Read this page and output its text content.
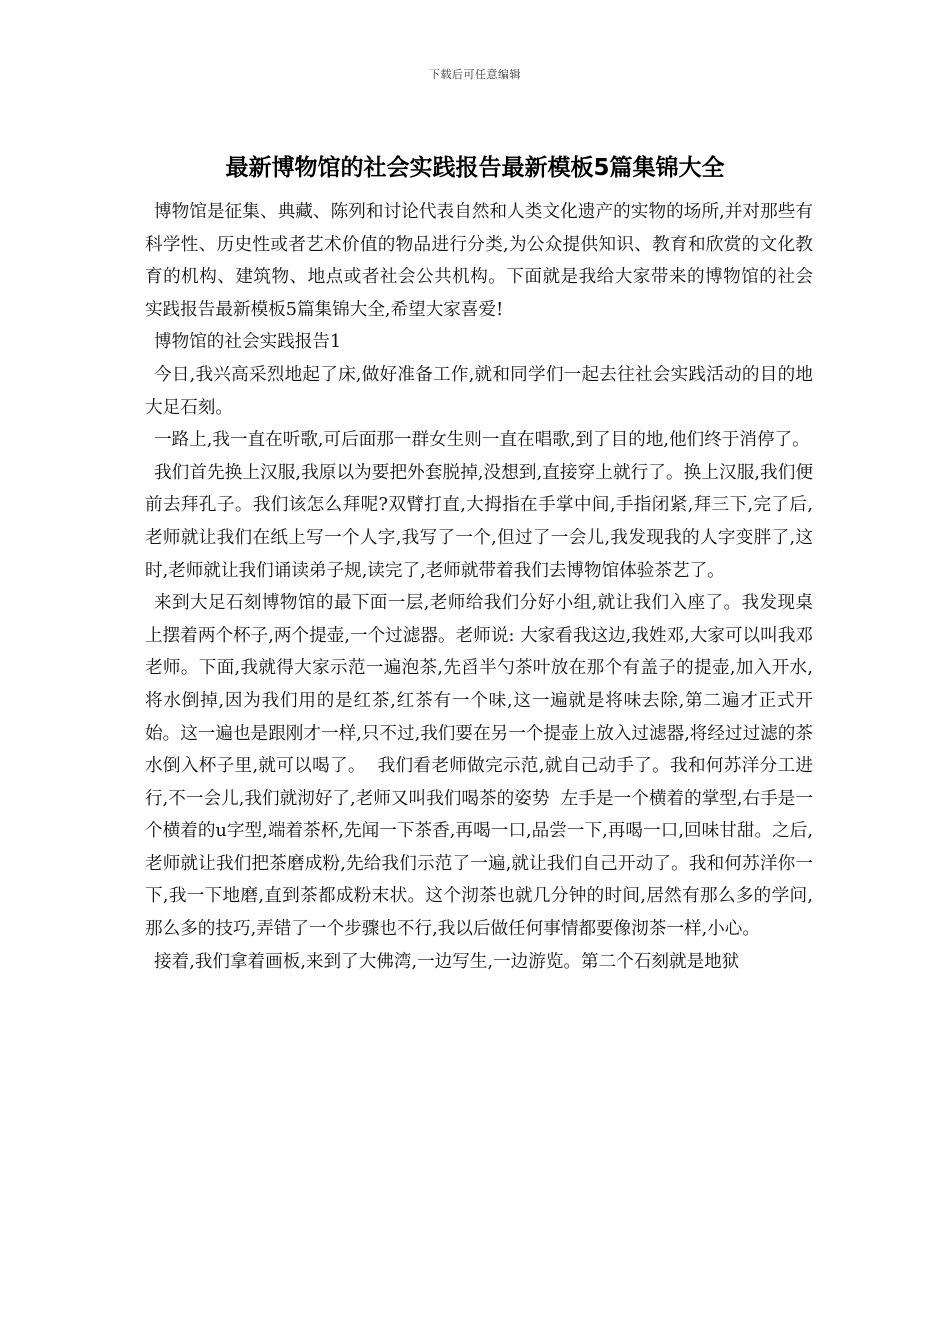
下载后可任意编辑
最新博物馆的社会实践报告最新模板5篇集锦大全

博物馆是征集、典藏、陈列和讨论代表自然和人类文化遗产的实物的场所,并对那些有科学性、历史性或者艺术价值的物品进行分类,为公众提供知识、教育和欣赏的文化教育的机构、建筑物、地点或者社会公共机构。下面就是我给大家带来的博物馆的社会实践报告最新模板5篇集锦大全,希望大家喜爱!

博物馆的社会实践报告1

今日,我兴高采烈地起了床,做好准备工作,就和同学们一起去往社会实践活动的目的地 大足石刻。

一路上,我一直在听歌,可后面那一群女生则一直在唱歌,到了目的地,他们终于消停了。

我们首先换上汉服,我原以为要把外套脱掉,没想到,直接穿上就行了。换上汉服,我们便前去拜孔子。我们该怎么拜呢?双臂打直,大拇指在手掌中间,手指闭紧,拜三下,完了后,老师就让我们在纸上写一个人字,我写了一个,但过了一会儿,我发现我的人字变胖了,这时,老师就让我们诵读弟子规,读完了,老师就带着我们去博物馆体验茶艺了。

来到大足石刻博物馆的最下面一层,老师给我们分好小组,就让我们入座了。我发现桌上摆着两个杯子,两个提壶,一个过滤器。老师说: 大家看我这边,我姓邓,大家可以叫我邓老师。下面,我就得大家示范一遍泡茶,先舀半勺茶叶放在那个有盖子的提壶,加入开水,将水倒掉,因为我们用的是红茶,红茶有一个味,这一遍就是将味去除,第二遍才正式开始。这一遍也是跟刚才一样,只不过,我们要在另一个提壶上放入过滤器,将经过过滤的茶水倒入杯子里,就可以喝了。  我们看老师做完示范,就自己动手了。我和何苏洋分工进行,不一会儿,我们就沏好了,老师又叫我们喝茶的姿势  左手是一个横着的掌型,右手是一个横着的u字型,端着茶杯,先闻一下茶香,再喝一口,品尝一下,再喝一口,回味甘甜。之后,老师就让我们把茶磨成粉,先给我们示范了一遍,就让我们自己开动了。我和何苏洋你一下,我一下地磨,直到茶都成粉末状。这个沏茶也就几分钟的时间,居然有那么多的学问,那么多的技巧,弄错了一个步骤也不行,我以后做任何事情都要像沏茶一样,小心。

接着,我们拿着画板,来到了大佛湾,一边写生,一边游览。第二个石刻就是地狱
